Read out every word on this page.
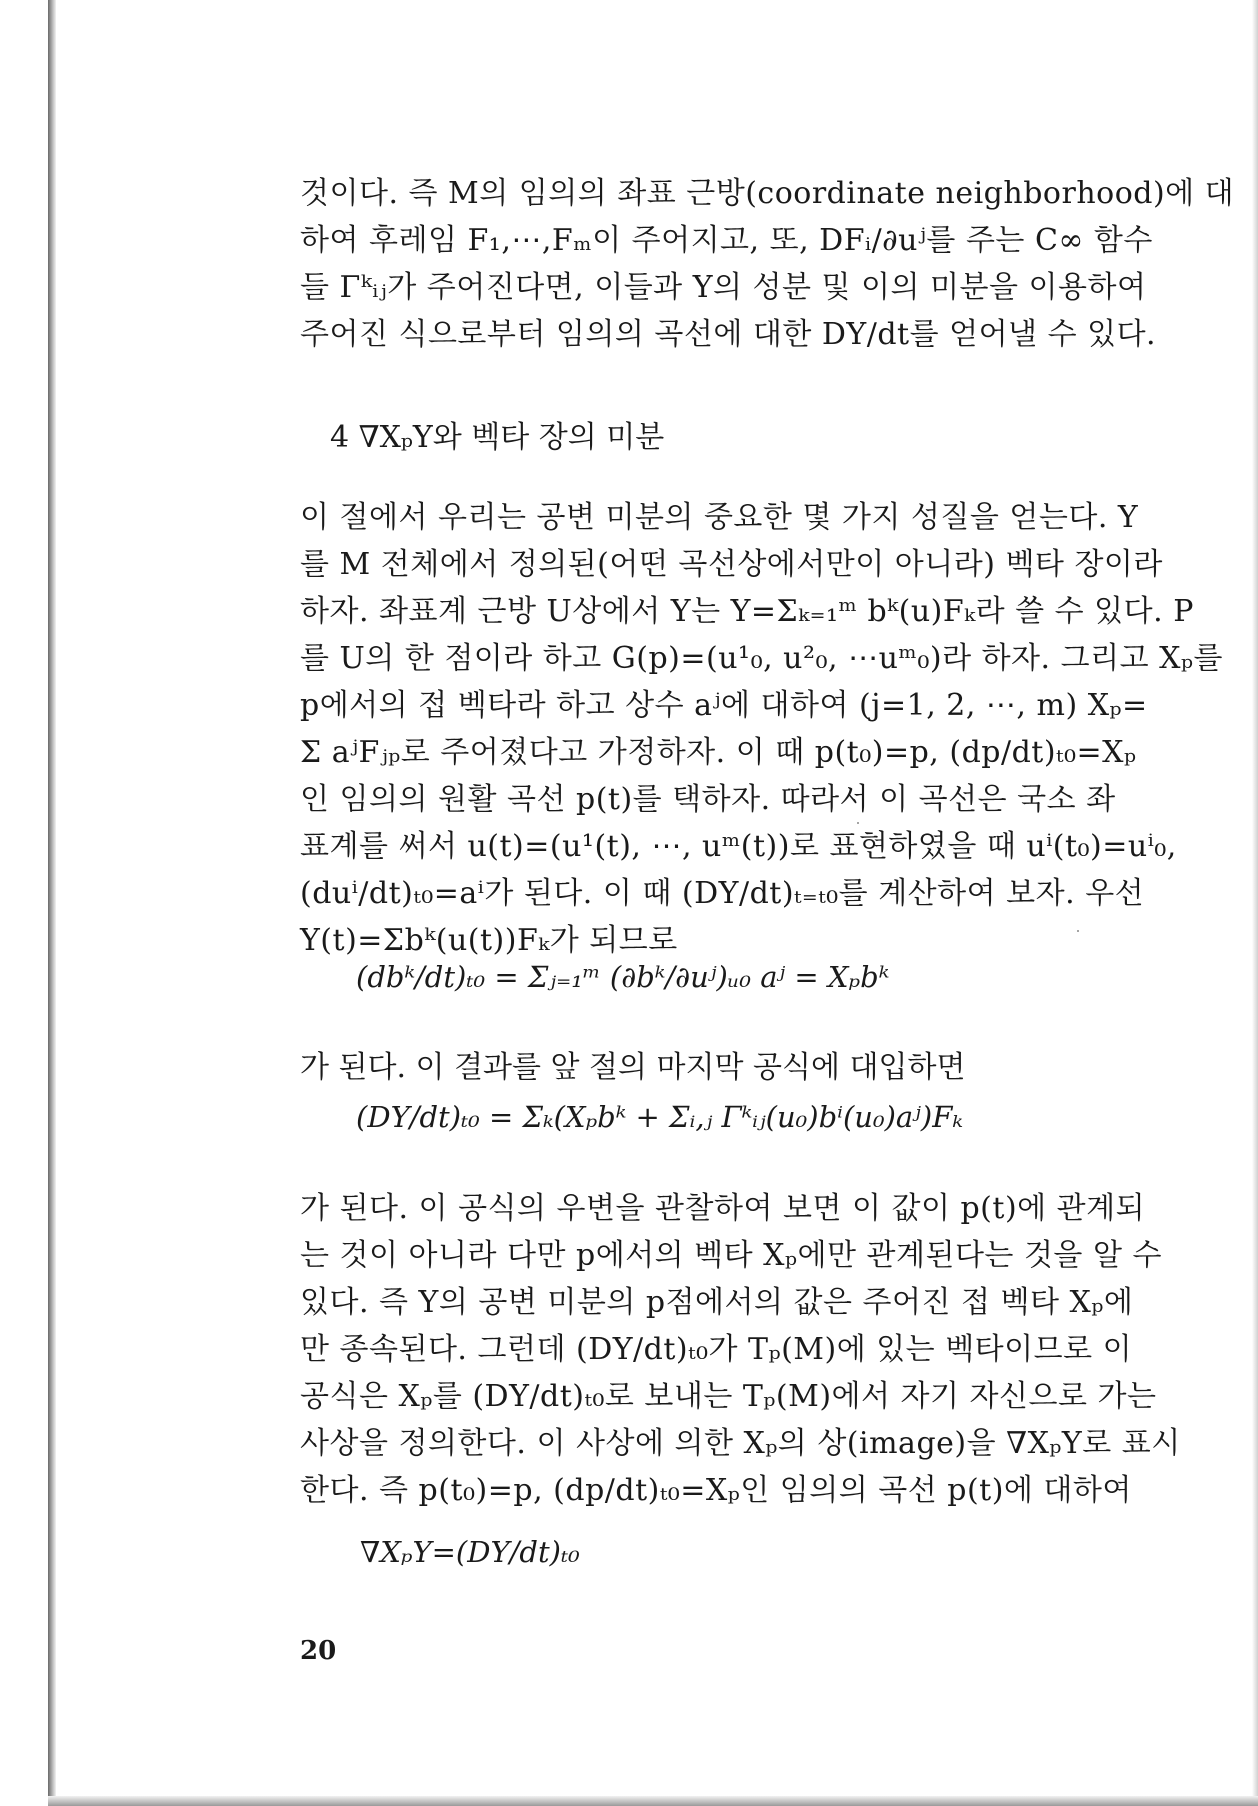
것이다. 즉 M의 임의의 좌표 근방(coordinate neighborhood)에 대
하여 후레임 F₁,⋯,Fₘ이 주어지고, 또, DFᵢ/∂uʲ를 주는 C∞ 함수
들 Γᵏᵢⱼ가 주어진다면, 이들과 Y의 성분 및 이의 미분을 이용하여
주어진 식으로부터 임의의 곡선에 대한 DY/dt를 얻어낼 수 있다.
4 ∇XₚY와 벡타 장의 미분
이 절에서 우리는 공변 미분의 중요한 몇 가지 성질을 얻는다. Y
를 M 전체에서 정의된(어떤 곡선상에서만이 아니라) 벡타 장이라
하자. 좌표계 근방 U상에서 Y는 Y=Σₖ₌₁ᵐ bᵏ(u)Fₖ라 쓸 수 있다. P
를 U의 한 점이라 하고 G(p)=(u¹₀, u²₀, ⋯uᵐ₀)라 하자. 그리고 Xₚ를
p에서의 접 벡타라 하고 상수 aʲ에 대하여 (j=1, 2, ⋯, m) Xₚ=
Σ aʲFⱼₚ로 주어졌다고 가정하자. 이 때 p(t₀)=p, (dp/dt)ₜ₀=Xₚ
인 임의의 원활 곡선 p(t)를 택하자. 따라서 이 곡선은 국소 좌
표계를 써서 u(t)=(u¹(t), ⋯, uᵐ(t))로 표현하였을 때 uⁱ(t₀)=uⁱ₀,
(duⁱ/dt)ₜ₀=aⁱ가 된다. 이 때 (DY/dt)ₜ₌ₜ₀를 계산하여 보자. 우선
Y(t)=Σbᵏ(u(t))Fₖ가 되므로
(dbᵏ/dt)ₜ₀ = Σⱼ₌₁ᵐ (∂bᵏ/∂uʲ)ᵤ₀ aʲ = Xₚbᵏ
가 된다. 이 결과를 앞 절의 마지막 공식에 대입하면
(DY/dt)ₜ₀ = Σₖ(Xₚbᵏ + Σᵢ,ⱼ Γᵏᵢⱼ(u₀)bⁱ(u₀)aʲ)Fₖ
가 된다. 이 공식의 우변을 관찰하여 보면 이 값이 p(t)에 관계되
는 것이 아니라 다만 p에서의 벡타 Xₚ에만 관계된다는 것을 알 수
있다. 즉 Y의 공변 미분의 p점에서의 값은 주어진 접 벡타 Xₚ에
만 종속된다. 그런데 (DY/dt)ₜ₀가 Tₚ(M)에 있는 벡타이므로 이
공식은 Xₚ를 (DY/dt)ₜ₀로 보내는 Tₚ(M)에서 자기 자신으로 가는
사상을 정의한다. 이 사상에 의한 Xₚ의 상(image)을 ∇XₚY로 표시
한다. 즉 p(t₀)=p, (dp/dt)ₜ₀=Xₚ인 임의의 곡선 p(t)에 대하여
∇XₚY=(DY/dt)ₜ₀
20
